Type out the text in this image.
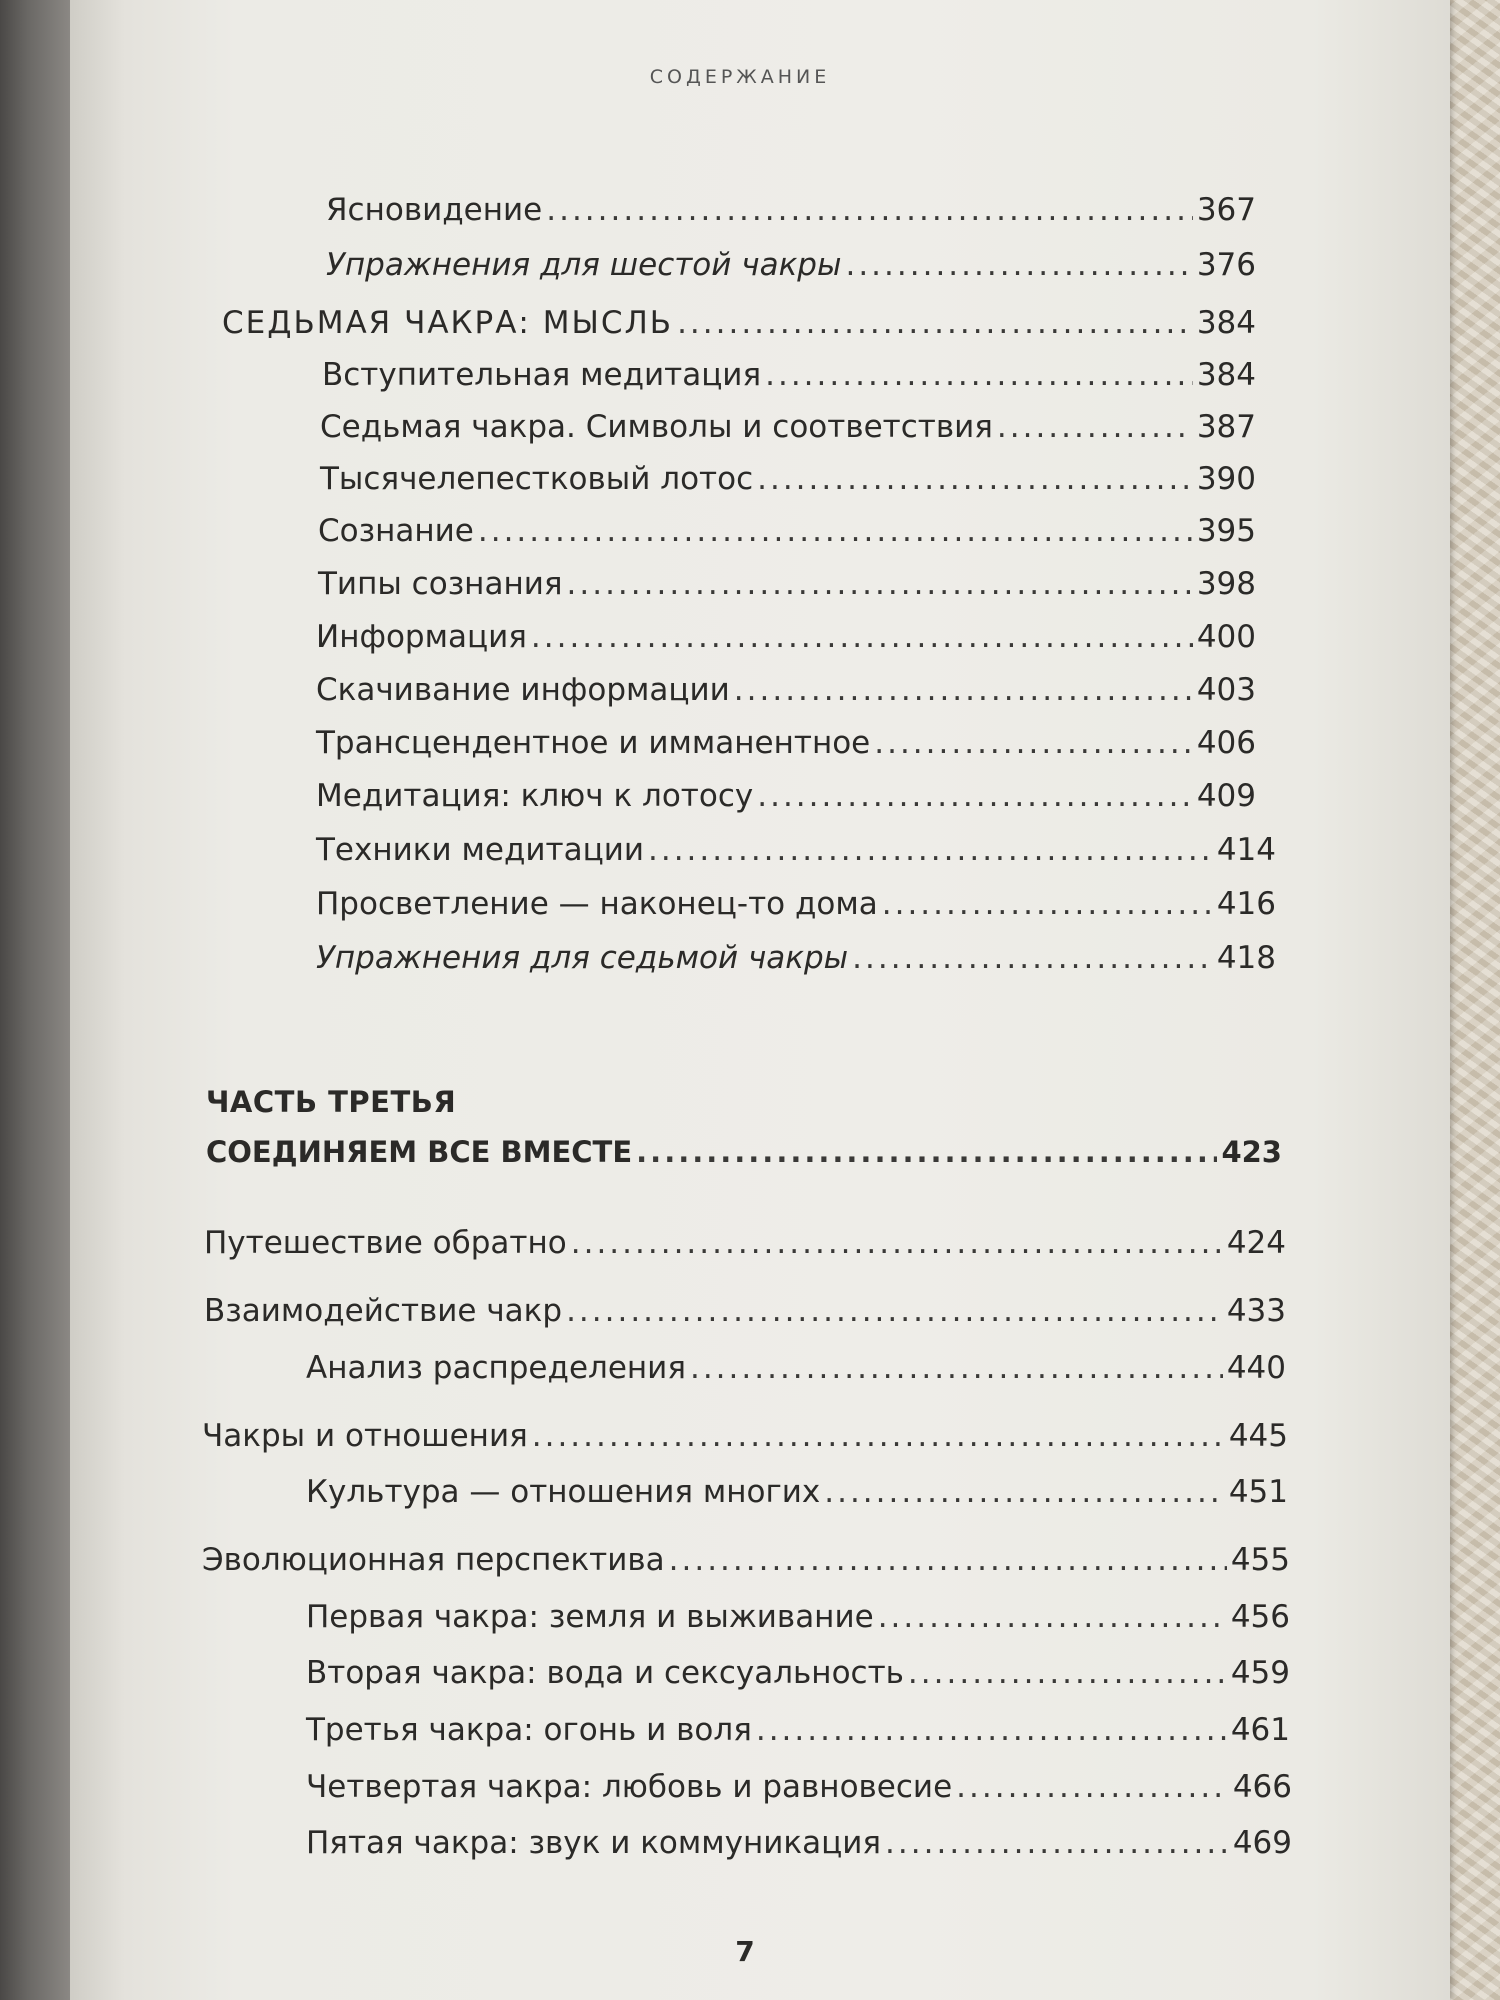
СОДЕРЖАНИЕ
Ясновидение .....	367
Упражнения для шестой чакры .....	376
СЕДЬМАЯ ЧАКРА: МЫСЛЬ .....	384
Вступительная медитация .....	384
Седьмая чакра. Символы и соответствия .....	387
Тысячелепестковый лотос .....	390
Сознание .....	395
Типы сознания .....	398
Информация .....	400
Скачивание информации .....	403
Трансцендентное и имманентное .....	406
Медитация: ключ к лотосу .....	409
Техники медитации .....	414
Просветление — наконец-то дома .....	416
Упражнения для седьмой чакры .....	418
ЧАСТЬ ТРЕТЬЯ
СОЕДИНЯЕМ ВСЕ ВМЕСТЕ .....	423
Путешествие обратно .....	424
Взаимодействие чакр .....	433
Анализ распределения .....	440
Чакры и отношения .....	445
Культура — отношения многих .....	451
Эволюционная перспектива .....	455
Первая чакра: земля и выживание .....	456
Вторая чакра: вода и сексуальность .....	459
Третья чакра: огонь и воля .....	461
Четвертая чакра: любовь и равновесие .....	466
Пятая чакра: звук и коммуникация .....	469
7
